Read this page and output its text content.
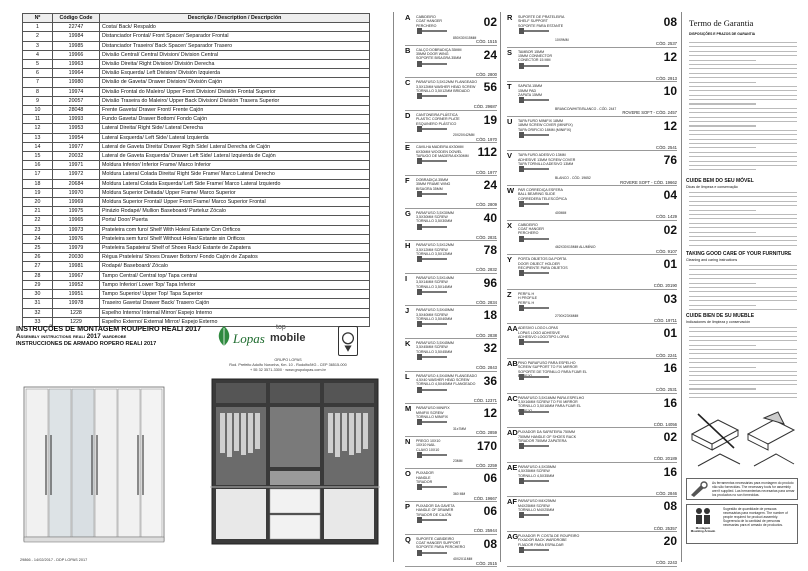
Nº	Código Code	Descrição / Description / Descripción
1	22747	Costa/ Back/ Respaldo
2	19984	Distanciador Frontal/ Front Spacer/ Separador Frontal
3	19985	Distanciador Traseiro/ Back Spacer/ Separador Trasero
4	19966	Divisão Central/ Central Division/ Division Central
5	19963	Divisão Direita/ Right Division/ División Derecha
6	19964	Divisão Esquerda/ Left Division/ División Izquierda
7	19980	Divisão de Gaveta/ Drawer Division/ División Cajón
8	19974	Divisão Frontal do Maleiro/ Upper Front Division/ División Frontal Superior
9	20057	Divisão Traseira do Maleiro/ Upper Back Division/ División Trasera Superior
10	28048	Frente Gaveta/ Drawer Front/ Frente Cajón
11	19993	Fundo Gaveta/ Drawer Bottom/ Fondo Cajón
12	19953	Lateral Direita/ Right Side/ Lateral Derecha
13	19954	Lateral Esquerda/ Left Side/ Lateral Izquierda
14	19977	Lateral de Gaveta Direita/ Drawer Rigth Side/ Lateral Derecha de Cajón
15	20032	Lateral de Gaveta Esquerda/ Drawer Left Side/ Lateral Izquierda de Cajón
16	19971	Moldura Inferior/ Inferior Frame/ Marco Inferior
17	19972	Moldura Lateral Colada Direita/ Right Side Frame/ Marco Lateral Derecho
18	20684	Moldura Lateral Colada Esquerda/ Left Side Frame/ Marco Lateral Izquierdo
19	19970	Moldura Superior Deitada/ Upper Frame/ Marco Superior
20	19969	Moldura Superior Frontal/ Upper Front Frame/ Marco Superior Frontal
21	19975	Pinázio Rodapé/ Mullion Baseboard/ Parteluz Zócalo
22	19965	Porta/ Door/ Puerta
23	19973	Prateleira com furo/ Shelf With Holes/ Estante Con Orificos
24	19976	Prateleira sem furo/ Shelf Without Holes/ Estante sin Orificos
25	19979	Prateleira Sapateira/ Shelf of Shoes Rack/ Estante de Zapatera
26	20030	Régua Prateleira/ Shoes Drawer Bottom/ Fondo Cajón de Zapatos
27	19981	Rodapé/ Baseboard/ Zócalo
28	19967	Tampo Central/ Central top/ Tapa central
29	19952	Tampo Inferior/ Lower Top/ Tapa Inferior
30	19951	Tampo Superior/ Upper Top/ Tapa Superior
31	19978	Traseiro Gaveta/ Drawer Back/ Trasero Cajón
32	1228	Espelho Interno/ Internal Mirror/ Espejo Interno
33	1229	Espelho Externo/ External Mirror/ Espejo Externo
INSTRUÇÕES DE MONTAGEM ROUPEIRO REALI 2017
Assembly instructions reali 2017 wardrobe
INSTRUCCIONES DE ARMADO ROPERO REALI 2017	Lopas
top
mobile
GRUPO LOPAS
Rod. Prefeito Adolfo Noronha, Km. 10 - Rodolfo/MG - CEP 36515-000
+ 55 32 3571-3300 · www.grupolopas.com.br
29866 - 14/02/2017 - DDP LOPAS 2017
A CABIDEIRO
COAT HANGER
PERCHERO	02
CÓD. 1515
850X30X15MM
B CALÇO DOBRADIÇA 35MM
35MM DOOR WING
SOPORTE BISAGRA 35MM	24
CÓD. 2800
C PARAFUSO 3,5X12MM FLANGEADO
3,5X12MM WASHER HEAD SCREW
TORNILLO 3,5X12MM BRIDADO	56
CÓD. 29687
D CANTONEIRA PLÁSTICA
PLASTIC CORNER PLATE
ESQUINERO PLÁSTICO	19
CÓD. 1970
20X20X42MM
E CAVILHA MADEIRA 6X30MM
6X30MM WOODEN DOWEL
TARUGO DE MADERA 6X30MM 112
CÓD. 1977
F DOBRADIÇA 35MM
35MM FRAME WING
BISAGRA 35MM	24
CÓD. 2809
G PARAFUSO 3,5X30MM
3,5X30MM SCREW
TORNILLO 3,5X30MM	40
CÓD. 2831
H PARAFUSO 3,5X12MM
3,5X12MM SCREW
TORNILLO 3,5X12MM	78
CÓD. 2832
I PARAFUSO 3,5X14MM
3,5X14MM SCREW
TORNILLO 3,5X14MM	96
CÓD. 2834
J PARAFUSO 3,5X40MM
3,5X40MM SCREW
TORNILLO 3,5X40MM	18
CÓD. 2838
K PARAFUSO 3,5X45MM
3,5X45MM SCREW
TORNILLO 3,5X45MM	32
CÓD. 2843
L PARAFUSO 4,5X40MM FLANGEADO
4,5X40 WASHER HEAD SCREW
TORNILLO 4,5X40MM FLANGEADO 36
CÓD. 12371
M PARAFUSO MINIFIX
MINIFIX SCREW
TORNILLO MINIFIX	12
CÓD. 2859
31x7MM
N PREGO 10X10
10X10 NAIL
CLAVO 10X10	170
CÓD. 2259
23MM
O PUXADOR
HANDLE
TIRADOR	06
CÓD. 19667
360 MM
P PUXADOR DA GAVETA
HANDLE OF DRAWER
TIRADOR DE CAJÓN	06
CÓD. 25944
Q SUPORTE CABIDEIRO
COAT HANGER SUPPORT
SOPORTE PARA PERCHERO	08
CÓD. 2515
40X2X11MM
R SUPORTE DE PRATELEIRA
SHELF SUPPORT
SOPORTE PARA ESTANTE	08
CÓD. 2537
10X9MM
S TAMBOR 15MM
15MM CONNECTOR
CONECTOR 15 MM	12
CÓD. 2913
T SAPATA 15MM
15MM PAD
ZAPATA 15MM	10
ROVERE SOFT - CÓD. 2457
BRANCO/WHITE/BLANCO - CÓD. 2447
U TAPA FURO MINIFIX 18MM
18MM SCREW COVER (MINIFIX)
TAPA ORIFICIO 18MM (MINIFIX)	12
CÓD. 2541
V TAPA FURO ADESIVO 13MM
ADHESIVE 13MM SCREW COVER
TAPA TORNILLO ADESIVO 13MM	76
ROVERE SOFT - CÓD. 19662
BLANCO - CÓD. 19652
W PAR CORREDIÇA ESFERA
BALL BEARING SLIDE
CORREDERA TELESCÓPICA	04
CÓD. 1429
400MM
X CABIDEIRO
COAT HANGER
PERCHERO	02
CÓD. 9107
462X30X15MM ALUMÍNIO
Y PORTA OBJETOS DA PORTA
DOOR OBJECT HOLDER
RECIPIENTE PARA OBJETOS	01
CÓD. 20190
Z PERFIL H
H PROFILE
PERFIL H	03
CÓD. 19711
2700X23X6MM
AA ADESIVO LOGO LOPAS
LOPAS LOGO ADHESIVE
ADHESIVO LOGOTIPO LOPAS	01
CÓD. 2241
AB PINO PARAFUSO PARA ESPELHO
SCREW SUPPORT TO FIX MIRROR
SOPORTE DE TORNILLO PARA FIJAR EL	16
CÓD. 2531
AC PARAFUSO 3,5X16MM PARA ESPELHO
3,5X16MM SCREW TO FIX MIRROR
TORNILLO 3,5X16MM PARA FIJAR EL	16
CÓD. 14056
AD PUXADOR DA SAPATEIRA 750MM
750MM HANDLE OF SHOES RACK
TIRADOR 750MM ZAPATERA	02
CÓD. 20189
AE PARAFUSO 4,5X35MM
4,5X35MM SCREW
TORNILLO 4,5X35MM	16
CÓD. 2846
AF PARAFUSO M4X25MM
M4X25MM SCREW
TORNILLO M4X25MM	08
CÓD. 25357
AG PUXADOR P/ COSTA DE ROUPEIRO
FIXADOR BACK WARDROBE
FIJADOR PARA ESPALDAR	20
CÓD. 2243
Termo de Garantia
DISPOSIÇÕES E PRAZOS DE GARANTIA
CUIDE BEM DO SEU MÓVEL
Dicas de limpeza e conservação
TAKING GOOD CARE OF YOUR FURNITURE
Cleaning and caring instructions
CUIDE BIEN DE SU MUEBLE
Indicaciones de limpieza y conservación
As ferramentas necessárias para montagem do produto não são fornecidas. The necessary tools for assembly aren't supplied. Las herramientas necesarias para armar los productos no son fornecidas.
Montagem Mounting Armado
Sugestão de quantidade de pessoas necessárias para montagem. The number of people required for product assembly. Sugerencia de la cantidad de personas necesarias para el armado de productos.
